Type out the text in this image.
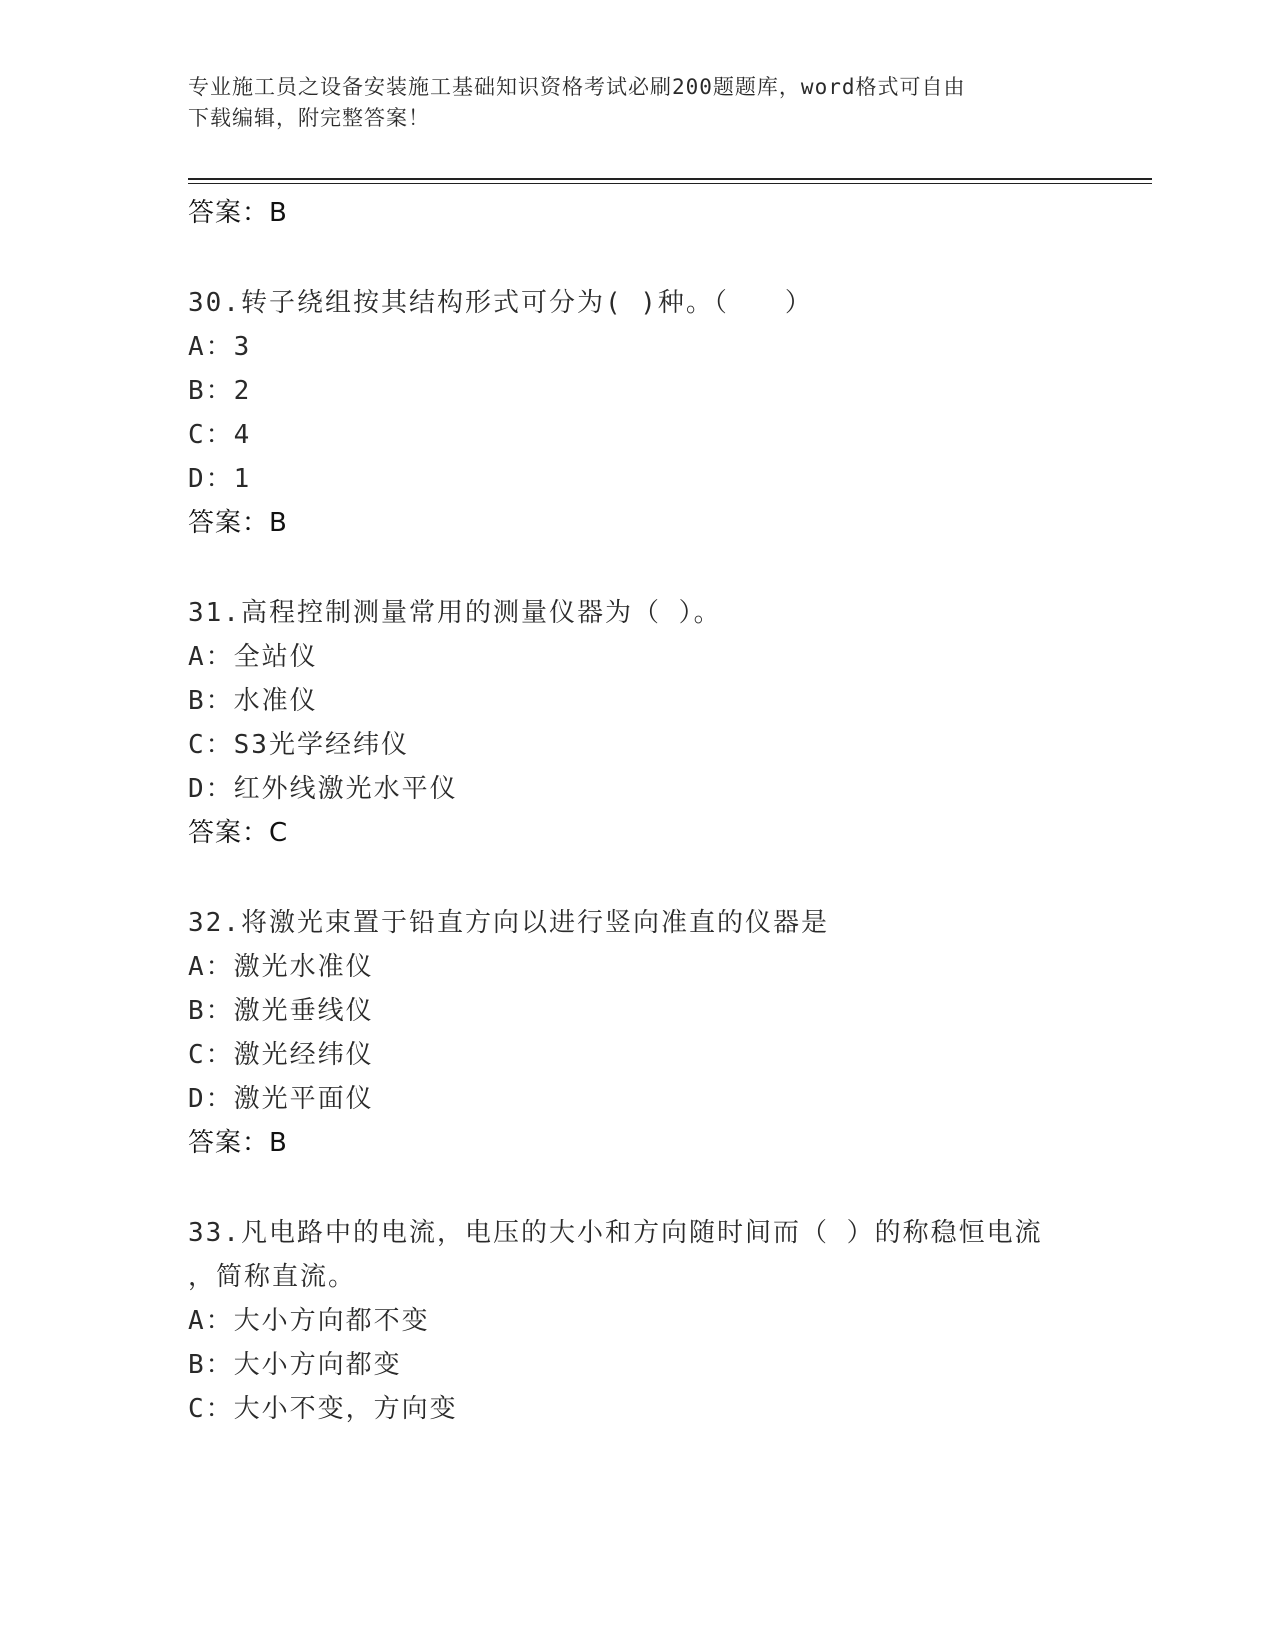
专业施工员之设备安装施工基础知识资格考试必刷200题题库，word格式可自由
下载编辑，附完整答案！
答案：B
30.转子绕组按其结构形式可分为( )种。（　　）
A：3
B：2
C：4
D：1
答案：B
31.高程控制测量常用的测量仪器为（ ）。
A：全站仪
B：水准仪
C：S3光学经纬仪
D：红外线激光水平仪
答案：C
32.将激光束置于铅直方向以进行竖向准直的仪器是
A：激光水准仪
B：激光垂线仪
C：激光经纬仪
D：激光平面仪
答案：B
33.凡电路中的电流，电压的大小和方向随时间而（ ）的称稳恒电流
，简称直流。
A：大小方向都不变
B：大小方向都变
C：大小不变，方向变
